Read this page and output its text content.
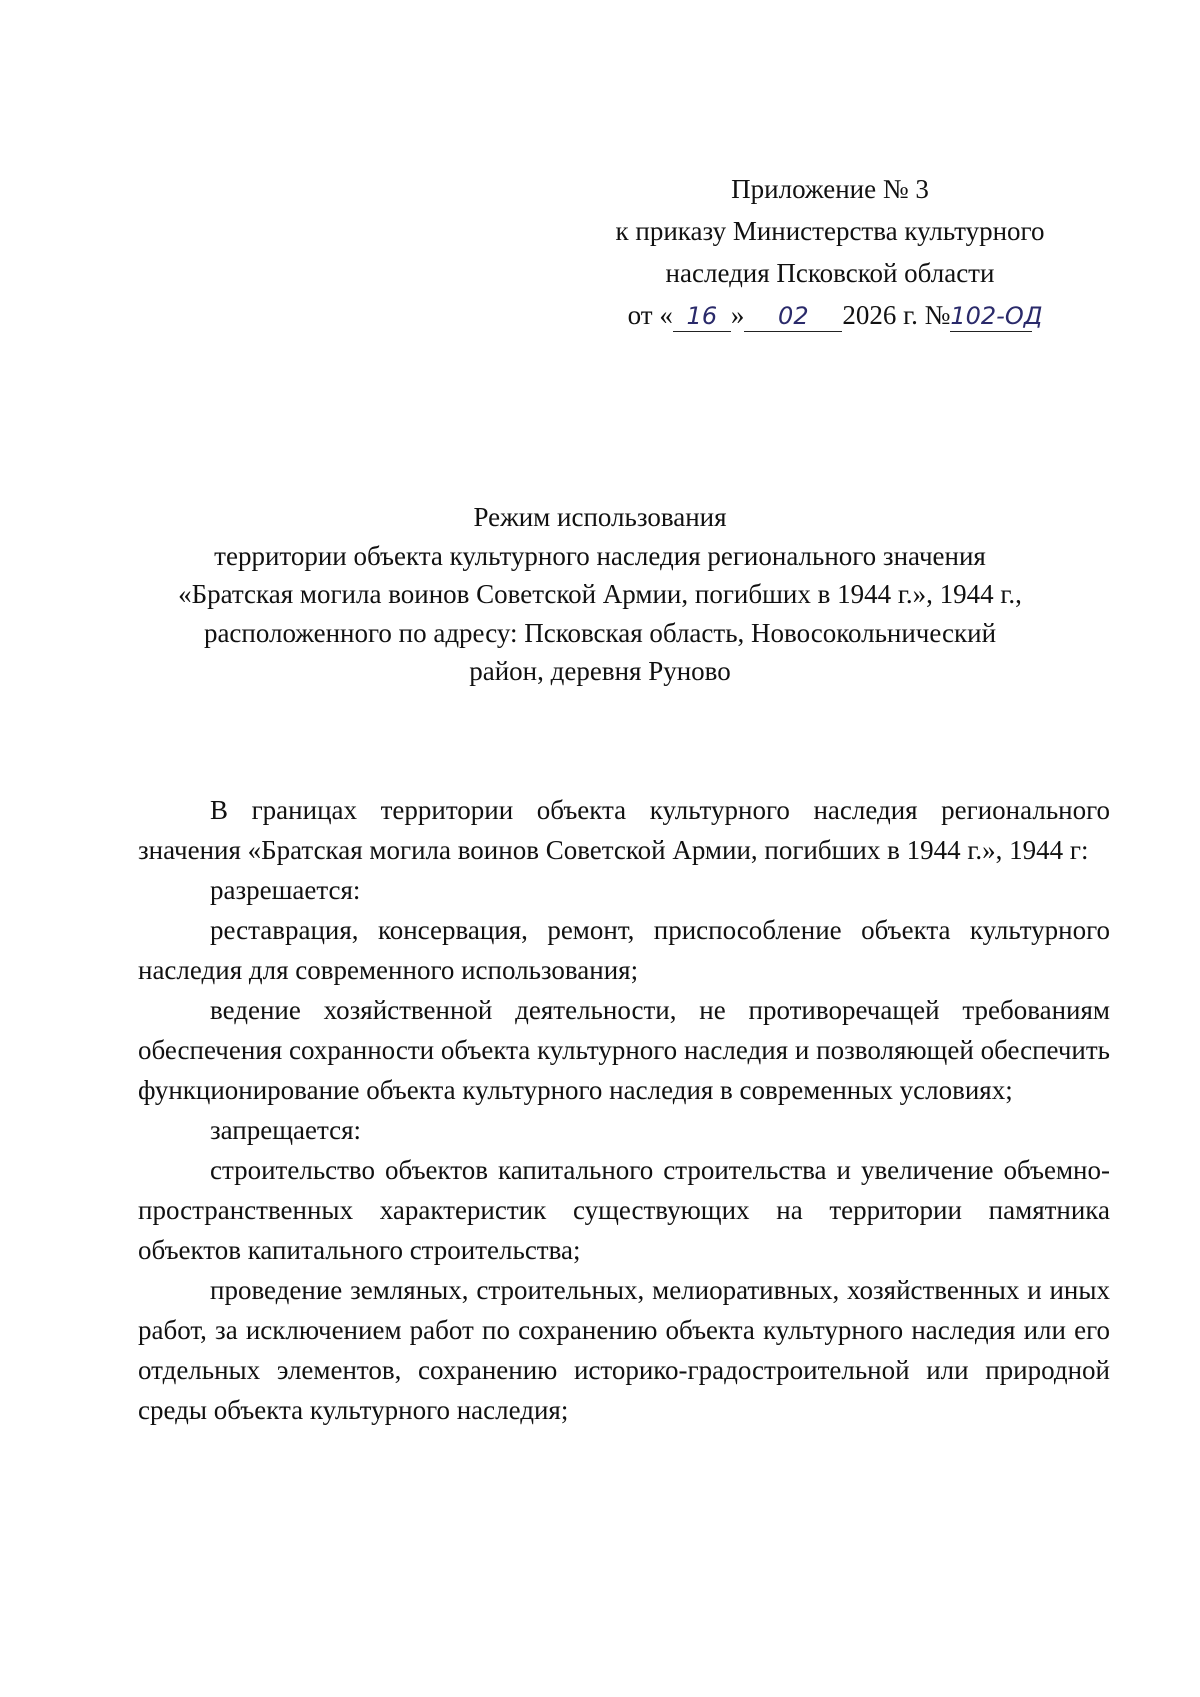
Приложение № 3
к приказу Министерства культурного
наследия Псковской области
от « 16 » 02 2026 г. №102-ОД
Режим использования
территории объекта культурного наследия регионального значения
«Братская могила воинов Советской Армии, погибших в 1944 г.», 1944 г.,
расположенного по адресу: Псковская область, Новосокольнический
район, деревня Руново

В границах территории объекта культурного наследия регионального значения «Братская могила воинов Советской Армии, погибших в 1944 г.», 1944 г:

разрешается:

реставрация, консервация, ремонт, приспособление объекта культурного наследия для современного использования;

ведение хозяйственной деятельности, не противоречащей требованиям обеспечения сохранности объекта культурного наследия и позволяющей обеспечить функционирование объекта культурного наследия в современных условиях;

запрещается:

строительство объектов капитального строительства и увеличение объемно-пространственных характеристик существующих на территории памятника объектов капитального строительства;

проведение земляных, строительных, мелиоративных, хозяйственных и иных работ, за исключением работ по сохранению объекта культурного наследия или его отдельных элементов, сохранению историко-градостроительной или природной среды объекта культурного наследия;
